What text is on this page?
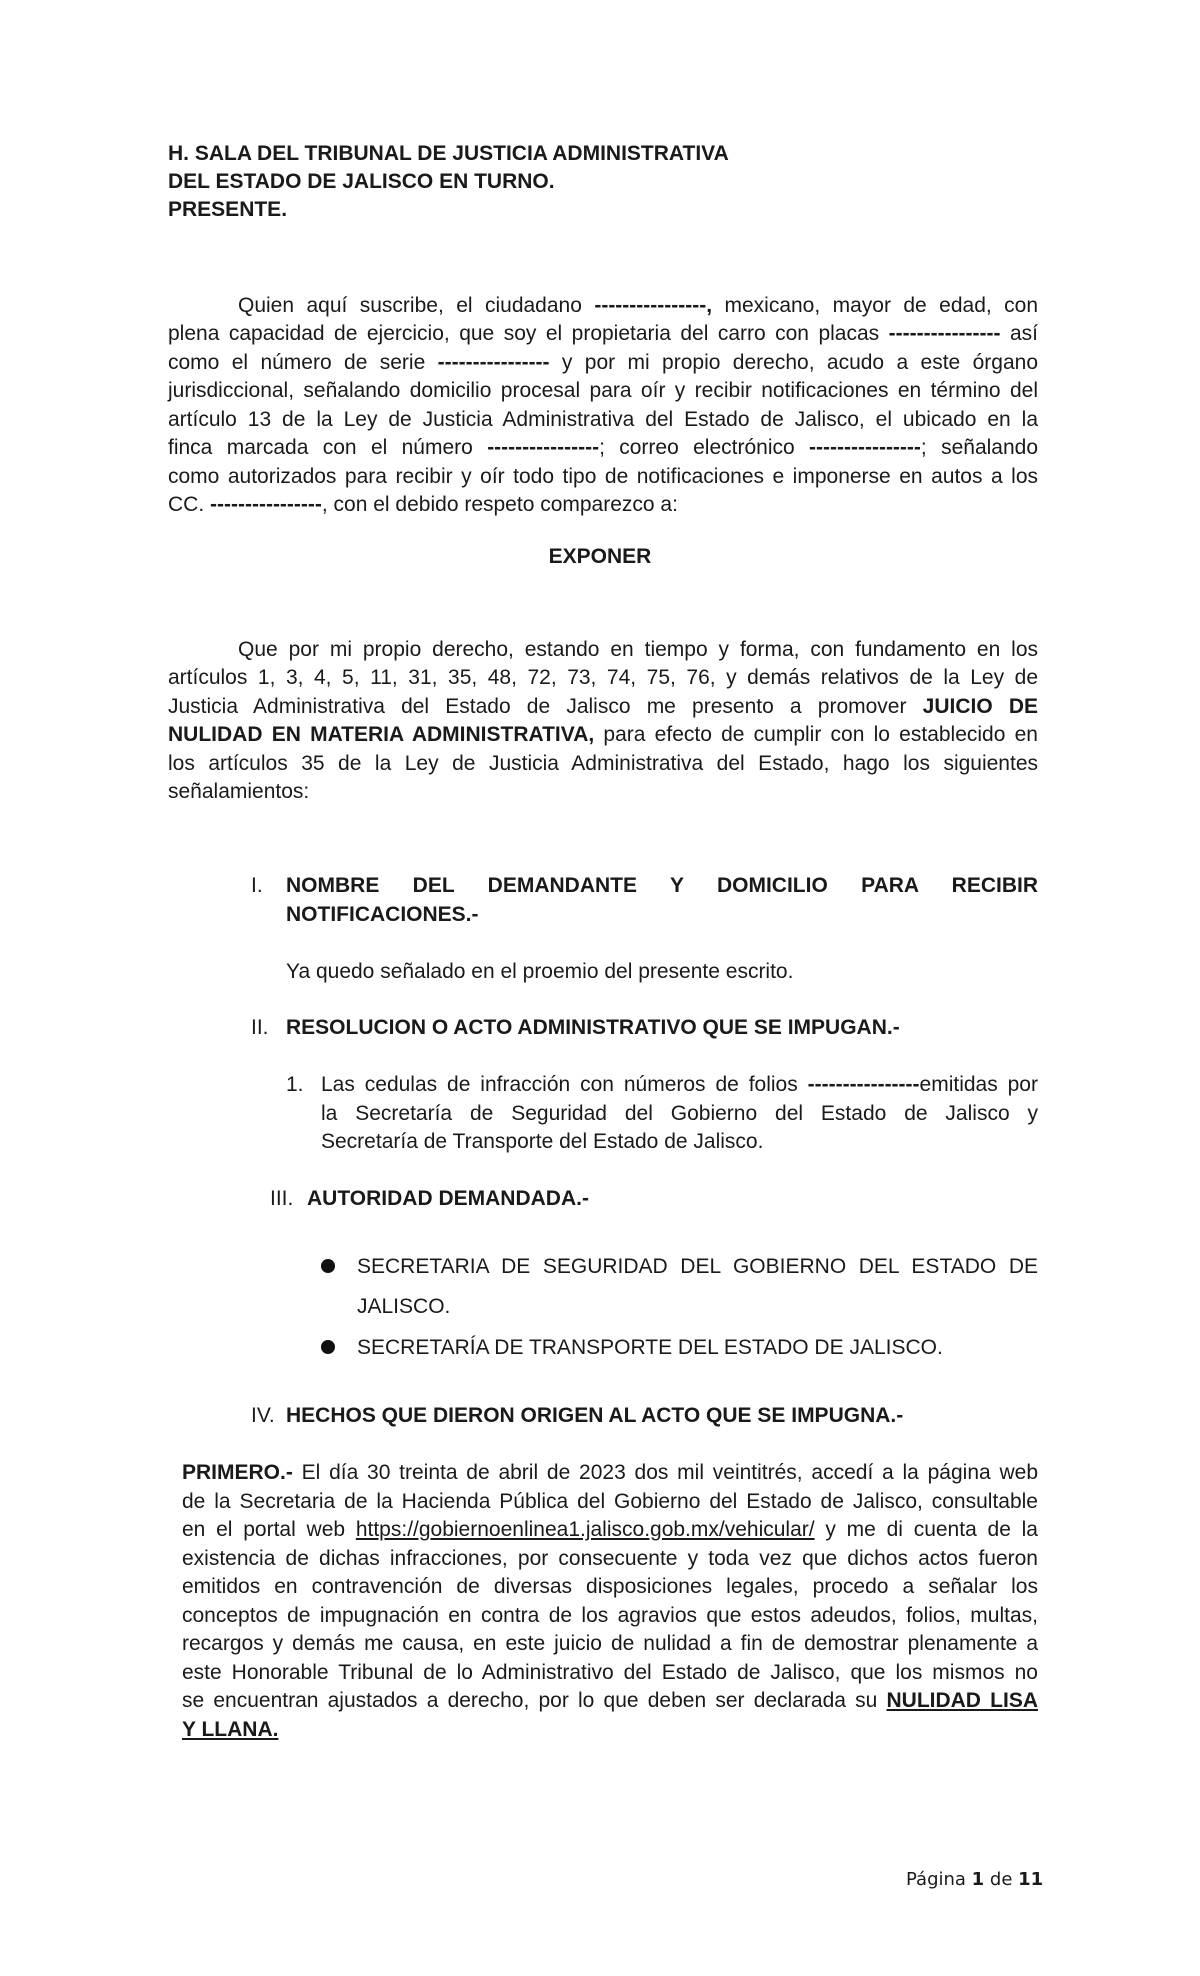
H. SALA DEL TRIBUNAL DE JUSTICIA ADMINISTRATIVA
DEL ESTADO DE JALISCO EN TURNO.
PRESENTE.
Quien aquí suscribe, el ciudadano ----------------, mexicano, mayor de edad, con
plena capacidad de ejercicio, que soy el propietaria del carro con placas ---------------- así
como el número de serie ---------------- y por mi propio derecho, acudo a este órgano
jurisdiccional, señalando domicilio procesal para oír y recibir notificaciones en término del
artículo 13 de la Ley de Justicia Administrativa del Estado de Jalisco, el ubicado en la
finca marcada con el número ----------------; correo electrónico ----------------; señalando
como autorizados para recibir y oír todo tipo de notificaciones e imponerse en autos a los
CC. ----------------, con el debido respeto comparezco a:
EXPONER
Que por mi propio derecho, estando en tiempo y forma, con fundamento en los
artículos 1, 3, 4, 5, 11, 31, 35, 48, 72, 73, 74, 75, 76, y demás relativos de la Ley de
Justicia Administrativa del Estado de Jalisco me presento a promover JUICIO DE
NULIDAD EN MATERIA ADMINISTRATIVA, para efecto de cumplir con lo establecido en
los artículos 35 de la Ley de Justicia Administrativa del Estado, hago los siguientes
señalamientos:
I. NOMBRE DEL DEMANDANTE Y DOMICILIO PARA RECIBIR
NOTIFICACIONES.-
Ya quedo señalado en el proemio del presente escrito.
II. RESOLUCION O ACTO ADMINISTRATIVO QUE SE IMPUGAN.-
1. Las cedulas de infracción con números de folios ----------------emitidas por
la Secretaría de Seguridad del Gobierno del Estado de Jalisco y
Secretaría de Transporte del Estado de Jalisco.
III. AUTORIDAD DEMANDADA.-
SECRETARIA DE SEGURIDAD DEL GOBIERNO DEL ESTADO DE
JALISCO.
SECRETARÍA DE TRANSPORTE DEL ESTADO DE JALISCO.
IV. HECHOS QUE DIERON ORIGEN AL ACTO QUE SE IMPUGNA.-
PRIMERO.- El día 30 treinta de abril de 2023 dos mil veintitrés, accedí a la página web
de la Secretaria de la Hacienda Pública del Gobierno del Estado de Jalisco, consultable
en el portal web https://gobiernoenlinea1.jalisco.gob.mx/vehicular/ y me di cuenta de la
existencia de dichas infracciones, por consecuente y toda vez que dichos actos fueron
emitidos en contravención de diversas disposiciones legales, procedo a señalar los
conceptos de impugnación en contra de los agravios que estos adeudos, folios, multas,
recargos y demás me causa, en este juicio de nulidad a fin de demostrar plenamente a
este Honorable Tribunal de lo Administrativo del Estado de Jalisco, que los mismos no
se encuentran ajustados a derecho, por lo que deben ser declarada su NULIDAD LISA
Y LLANA.
Página 1 de 11
